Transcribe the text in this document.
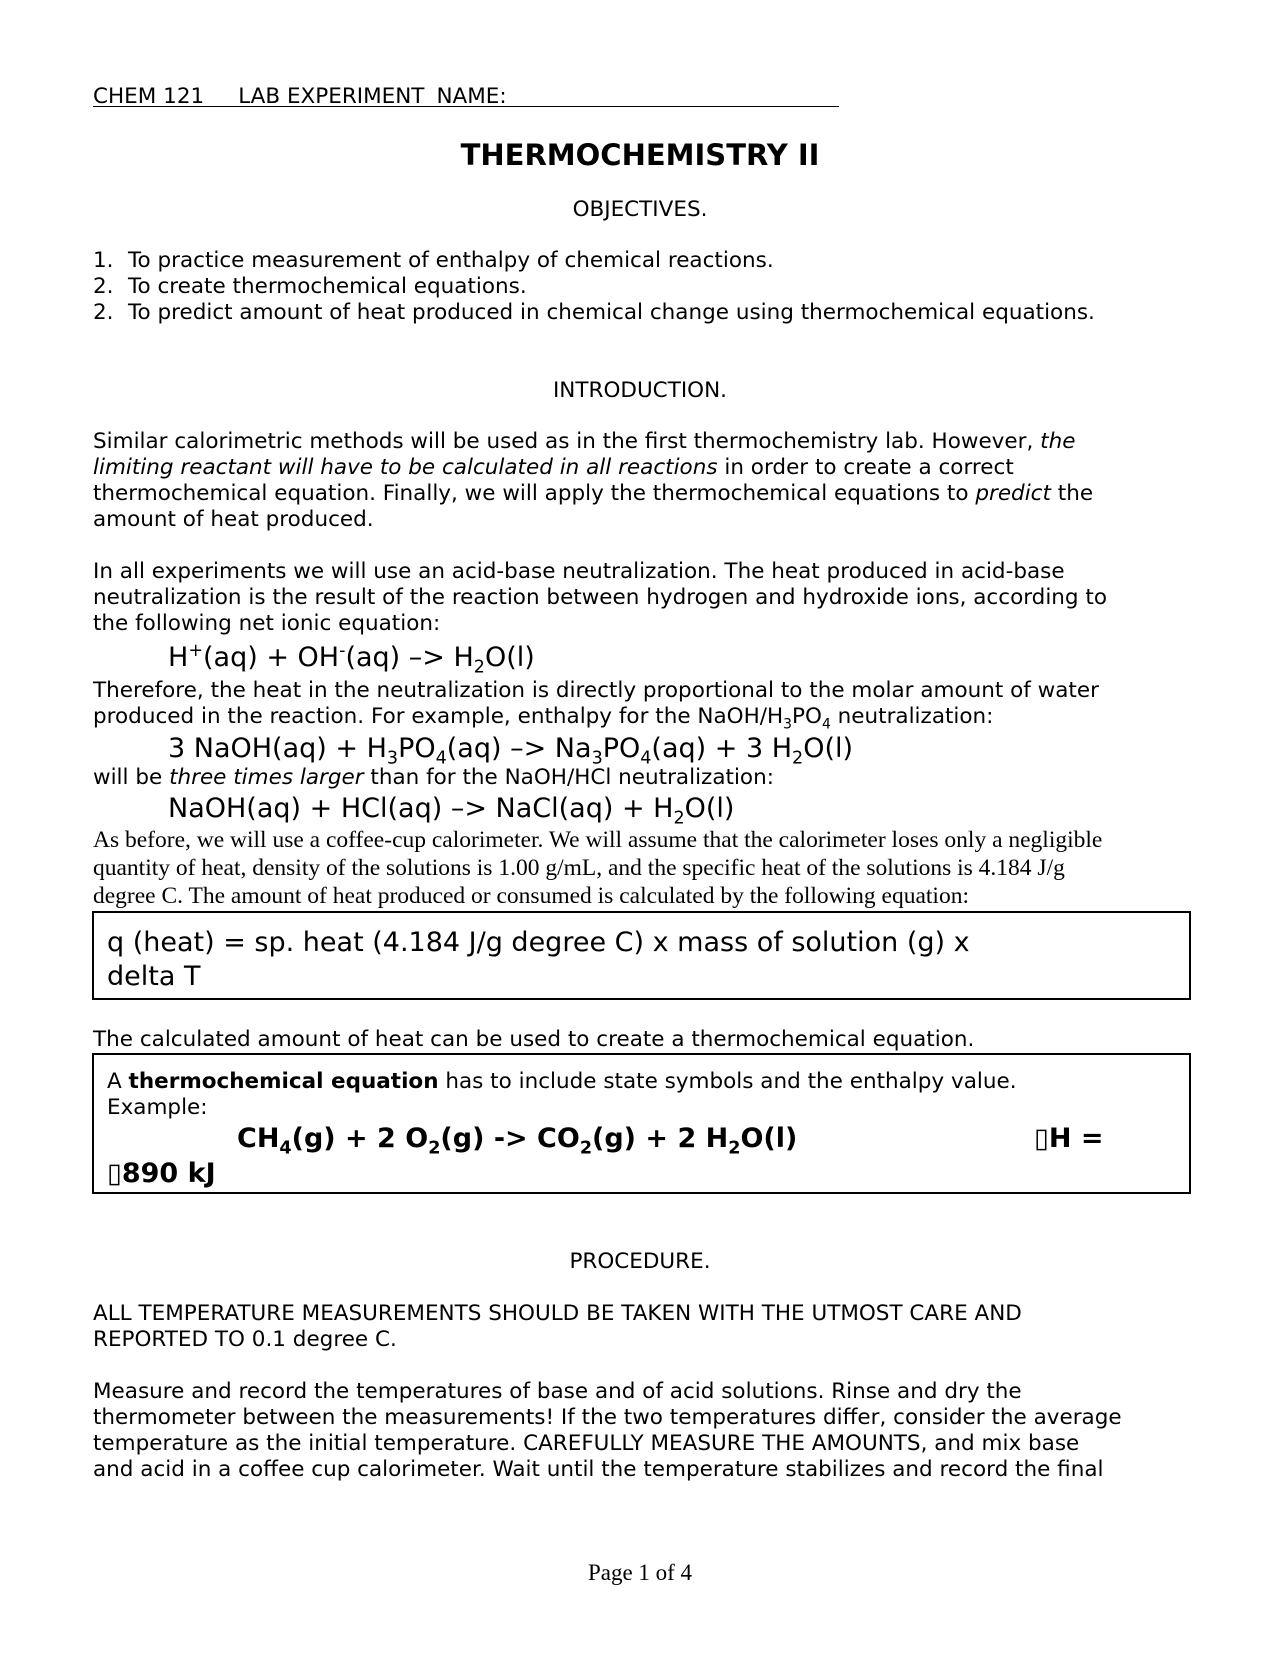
CHEM 121 LAB EXPERIMENT NAME:
THERMOCHEMISTRY II
OBJECTIVES.
1. To practice measurement of enthalpy of chemical reactions.
2. To create thermochemical equations.
2. To predict amount of heat produced in chemical change using thermochemical equations.
INTRODUCTION.
Similar calorimetric methods will be used as in the first thermochemistry lab. However, the
limiting reactant will have to be calculated in all reactions in order to create a correct
thermochemical equation. Finally, we will apply the thermochemical equations to predict the
amount of heat produced.
In all experiments we will use an acid-base neutralization. The heat produced in acid-base
neutralization is the result of the reaction between hydrogen and hydroxide ions, according to
the following net ionic equation:
$H^+(aq) + OH^-(aq) -> H_2O(l)$
Therefore, the heat in the neutralization is directly proportional to the molar amount of water
produced in the reaction. For example, enthalpy for the NaOH/$H_3PO_4$ neutralization:
3 NaOH(aq) + $H_3PO_4(aq) -> Na_3PO_4(aq) + 3$ $H_2O(l)$
will be three times larger than for the NaOH/HCl neutralization:
NaOH(aq) + HCl(aq) –> NaCl(aq) + $H_2O(l)$
As before, we will use a coffee-cup calorimeter. We will assume that the calorimeter loses only a negligible
quantity of heat, density of the solutions is 1.00 g/mL, and the specific heat of the solutions is 4.184 J/g
degree C. The amount of heat produced or consumed is calculated by the following equation:
q (heat) = sp. heat (4.184 J/g degree C) x mass of solution (g) x
delta T
The calculated amount of heat can be used to create a thermochemical equation.
A thermochemical equation has to include state symbols and the enthalpy value.
Example:
$CH_4(g) + 2$ $O_2(g) -> CO_2(g) + 2$ $H_2O(l)$	▯H =
▯890 kJ
PROCEDURE.
ALL TEMPERATURE MEASUREMENTS SHOULD BE TAKEN WITH THE UTMOST CARE AND
REPORTED TO 0.1 degree C.
Measure and record the temperatures of base and of acid solutions. Rinse and dry the
thermometer between the measurements! If the two temperatures differ, consider the average
temperature as the initial temperature. CAREFULLY MEASURE THE AMOUNTS, and mix base
and acid in a coffee cup calorimeter. Wait until the temperature stabilizes and record the final
Page 1 of 4
